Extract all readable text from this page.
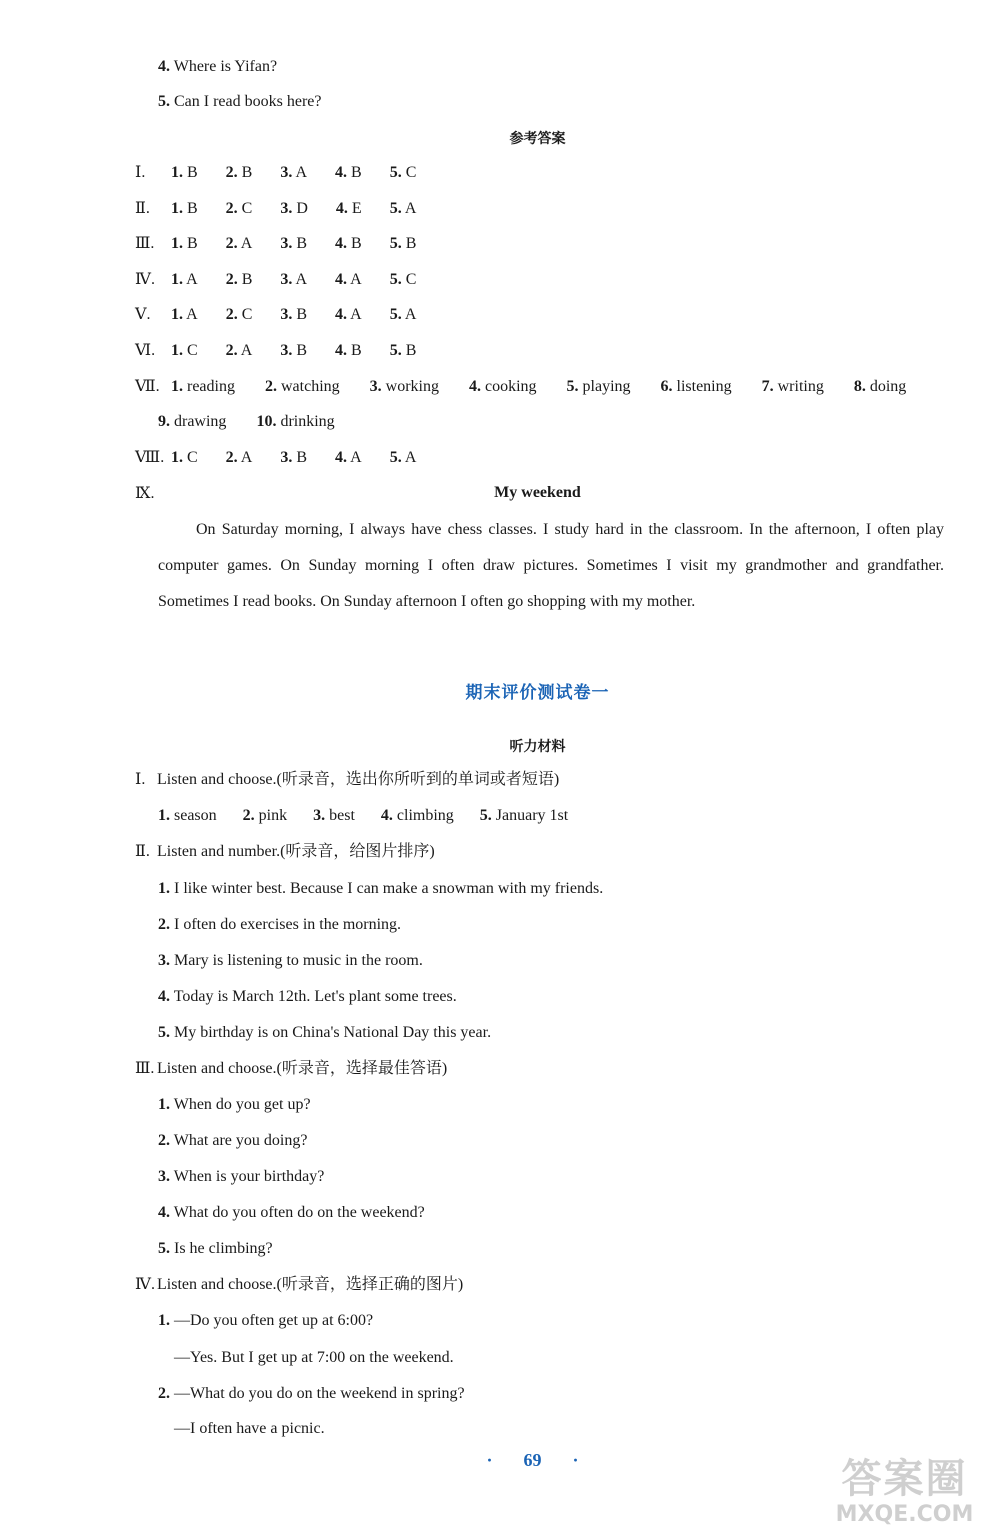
4. Where is Yifan?
5. Can I read books here?
参考答案
Ⅰ. 1. B 2. B 3. A 4. B 5. C
Ⅱ. 1. B 2. C 3. D 4. E 5. A
Ⅲ. 1. B 2. A 3. B 4. B 5. B
Ⅳ. 1. A 2. B 3. A 4. A 5. C
Ⅴ. 1. A 2. C 3. B 4. A 5. A
Ⅵ. 1. C 2. A 3. B 4. B 5. B
Ⅶ. 1. reading 2. watching 3. working 4. cooking 5. playing 6. listening 7. writing 8. doing
9. drawing 10. drinking
Ⅷ. 1. C 2. A 3. B 4. A 5. A
Ⅸ.	My weekend
On Saturday morning, I always have chess classes. I study hard in the classroom. In the afternoon, I often play computer games. On Sunday morning I often draw pictures. Sometimes I visit my grandmother and grandfather. Sometimes I read books. On Sunday afternoon I often go shopping with my mother.
期末评价测试卷一
听力材料
Ⅰ. Listen and choose.(听录音，选出你所听到的单词或者短语)
1. season 2. pink 3. best 4. climbing 5. January 1st
Ⅱ. Listen and number.(听录音，给图片排序)
1. I like winter best. Because I can make a snowman with my friends.
2. I often do exercises in the morning.
3. Mary is listening to music in the room.
4. Today is March 12th. Let's plant some trees.
5. My birthday is on China's National Day this year.
Ⅲ. Listen and choose.(听录音，选择最佳答语)
1. When do you get up?
2. What are you doing?
3. When is your birthday?
4. What do you often do on the weekend?
5. Is he climbing?
Ⅳ. Listen and choose.(听录音，选择正确的图片)
1. —Do you often get up at 6:00?
—Yes. But I get up at 7:00 on the weekend.
2. —What do you do on the weekend in spring?
—I often have a picnic.
· 69 ·	答案圈
MXQE.COM
